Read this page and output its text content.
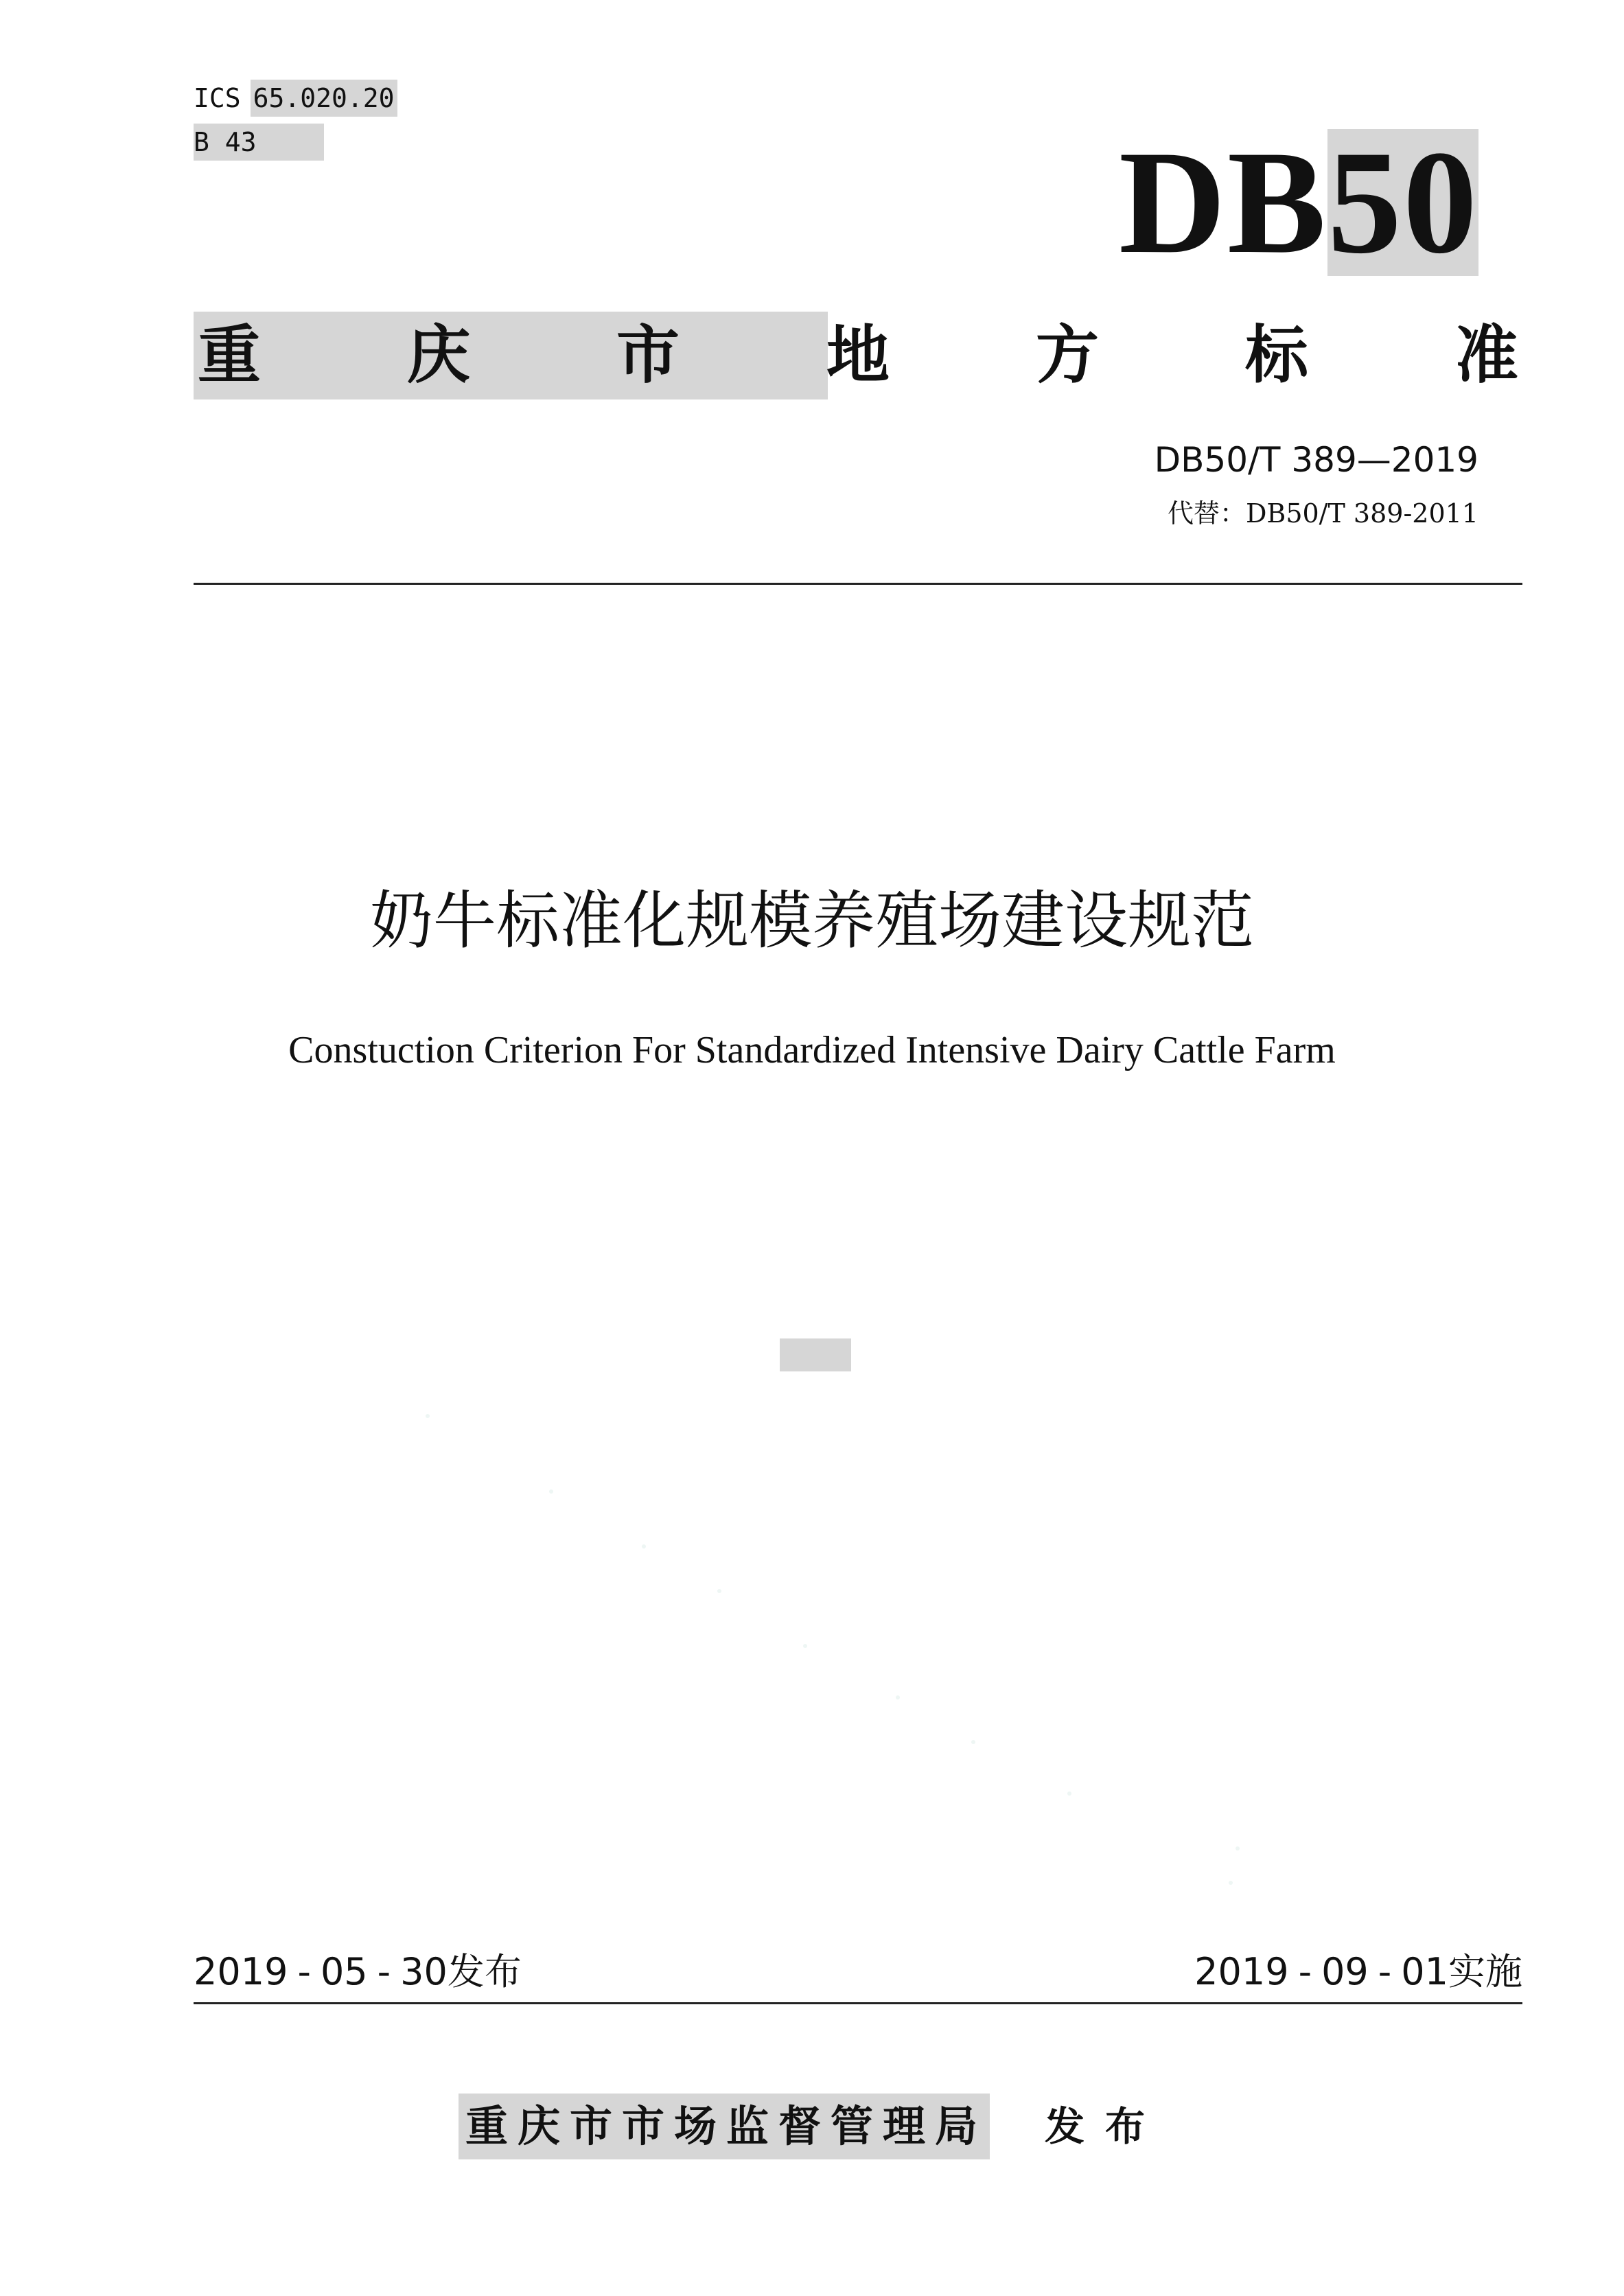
ICS 65.020.20
B 43	DB50
重 庆 市 地 方 标 准
DB50/T 389—2019
代替：DB50/T 389-2011
奶牛标准化规模养殖场建设规范
Constuction Criterion For Standardized Intensive Dairy Cattle Farm
2019 - 05 - 30发布	2019 - 09 - 01实施
重庆市市场监督管理局 发布
